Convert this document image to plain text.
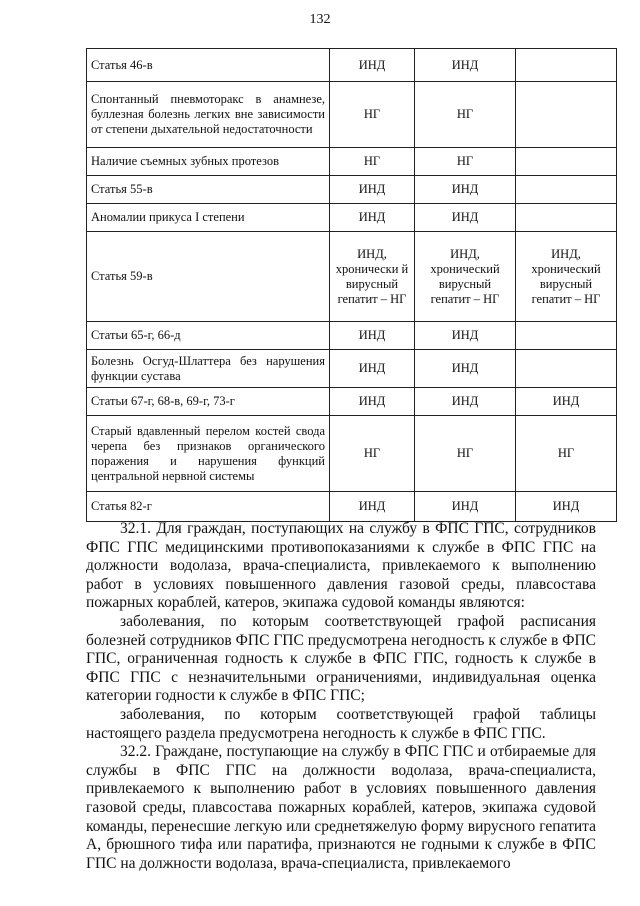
132
Статья 46-в	ИНД	ИНД	

Спонтанный пневмоторакс в анамнезе, буллезная болезнь легких вне зависимости от степени дыхательной недостаточности	НГ	НГ	

Наличие съемных зубных протезов	НГ	НГ	

Статья 55-в	ИНД	ИНД	

Аномалии прикуса I степени	ИНД	ИНД	

Статья 59-в	ИНД, хронически й вирусный гепатит – НГ	ИНД, хронический вирусный гепатит – НГ	ИНД, хронический вирусный гепатит – НГ

Статьи 65-г, 66-д	ИНД	ИНД	

Болезнь Осгуд-Шлаттера без нарушения функции сустава	ИНД	ИНД	

Статьи 67-г, 68-в, 69-г, 73-г	ИНД	ИНД	ИНД

Старый вдавленный перелом костей свода черепа без признаков органического поражения и нарушения функций центральной нервной системы	НГ	НГ	НГ

Статья 82-г	ИНД	ИНД	ИНД

32.1. Для граждан, поступающих на службу в ФПС ГПС, сотрудников ФПС ГПС медицинскими противопоказаниями к службе в ФПС ГПС на должности водолаза, врача-специалиста, привлекаемого к выполнению работ в условиях повышенного давления газовой среды, плавсостава пожарных кораблей, катеров, экипажа судовой команды являются:

заболевания, по которым соответствующей графой расписания болезней сотрудников ФПС ГПС предусмотрена негодность к службе в ФПС ГПС, ограниченная годность к службе в ФПС ГПС, годность к службе в ФПС ГПС с незначительными ограничениями, индивидуальная оценка категории годности к службе в ФПС ГПС;

заболевания, по которым соответствующей графой таблицы настоящего раздела предусмотрена негодность к службе в ФПС ГПС.

32.2. Граждане, поступающие на службу в ФПС ГПС и отбираемые для службы в ФПС ГПС на должности водолаза, врача-специалиста, привлекаемого к выполнению работ в условиях повышенного давления газовой среды, плавсостава пожарных кораблей, катеров, экипажа судовой команды, перенесшие легкую или среднетяжелую форму вирусного гепатита А, брюшного тифа или паратифа, признаются не годными к службе в ФПС ГПС на должности водолаза, врача-специалиста, привлекаемого
